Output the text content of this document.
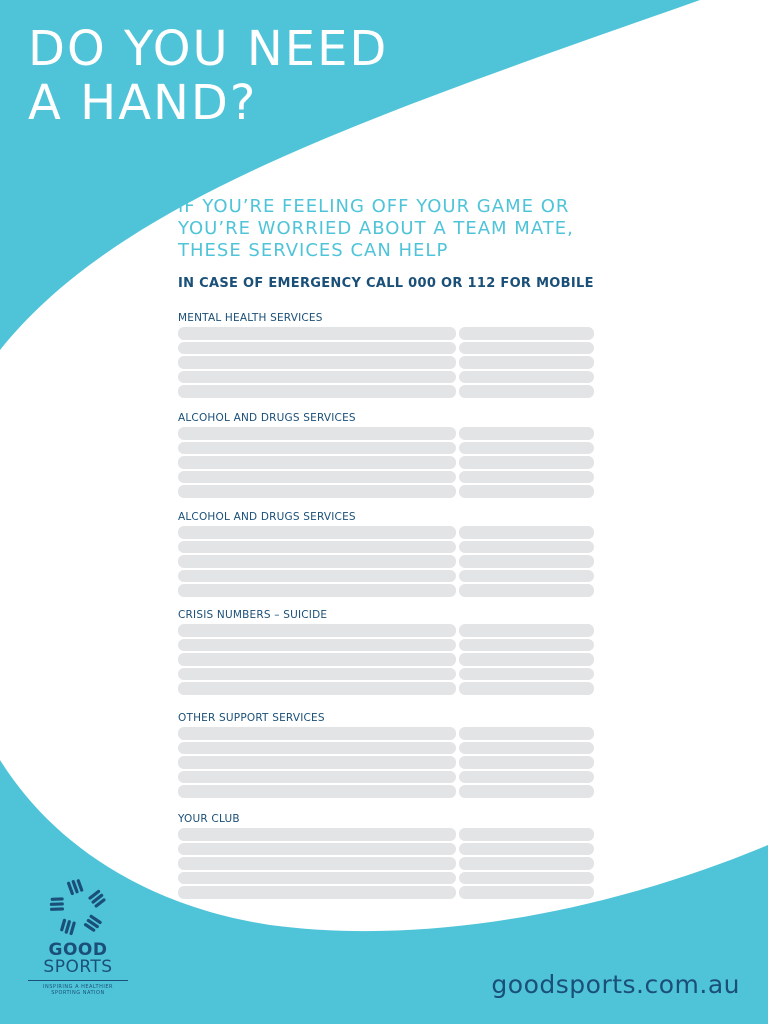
DO YOU NEED
A HAND?
IF YOU’RE FEELING OFF YOUR GAME OR
YOU’RE WORRIED ABOUT A TEAM MATE,
THESE SERVICES CAN HELP
IN CASE OF EMERGENCY CALL 000 OR 112 FOR MOBILE
MENTAL HEALTH SERVICES
ALCOHOL AND DRUGS SERVICES
ALCOHOL AND DRUGS SERVICES
CRISIS NUMBERS – SUICIDE
OTHER SUPPORT SERVICES
YOUR CLUB
GOOD
SPORTS
INSPIRING A HEALTHIER
SPORTING NATION	goodsports.com.au
